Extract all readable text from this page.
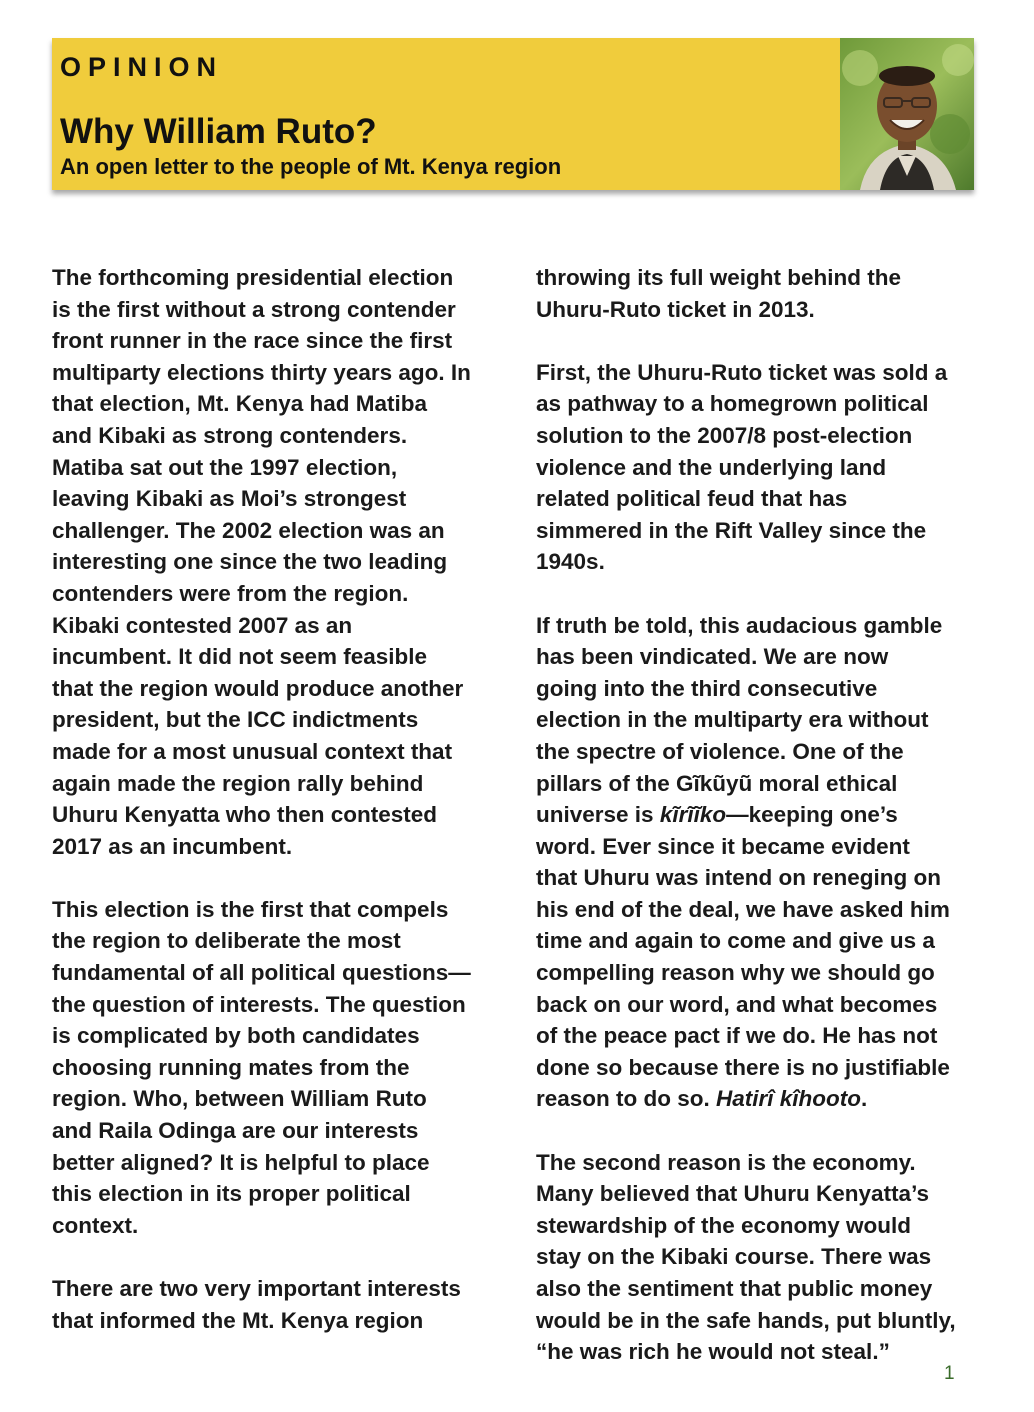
OPINION
Why William Ruto?
An open letter to the people of Mt. Kenya region

The forthcoming presidential election
is the first without a strong contender
front runner in the race since the first
multiparty elections thirty years ago. In
that election, Mt. Kenya had Matiba
and Kibaki as strong contenders.
Matiba sat out the 1997 election,
leaving Kibaki as Moi’s strongest
challenger. The 2002 election was an
interesting one since the two leading
contenders were from the region.
Kibaki contested 2007 as an
incumbent. It did not seem feasible
that the region would produce another
president, but the ICC indictments
made for a most unusual context that
again made the region rally behind
Uhuru Kenyatta who then contested
2017 as an incumbent.

This election is the first that compels
the region to deliberate the most
fundamental of all political questions—
the question of interests. The question
is complicated by both candidates
choosing running mates from the
region. Who, between William Ruto
and Raila Odinga are our interests
better aligned? It is helpful to place
this election in its proper political
context.

There are two very important interests
that informed the Mt. Kenya region

throwing its full weight behind the
Uhuru-Ruto ticket in 2013.

First, the Uhuru-Ruto ticket was sold a
as pathway to a homegrown political
solution to the 2007/8 post-election
violence and the underlying land
related political feud that has
simmered in the Rift Valley since the
1940s.

If truth be told, this audacious gamble
has been vindicated. We are now
going into the third consecutive
election in the multiparty era without
the spectre of violence. One of the
pillars of the Gĩkũyũ moral ethical
universe is kĩrĩĩko—keeping one’s
word. Ever since it became evident
that Uhuru was intend on reneging on
his end of the deal, we have asked him
time and again to come and give us a
compelling reason why we should go
back on our word, and what becomes
of the peace pact if we do. He has not
done so because there is no justifiable
reason to do so. Hatirî kîhooto.

The second reason is the economy.
Many believed that Uhuru Kenyatta’s
stewardship of the economy would
stay on the Kibaki course. There was
also the sentiment that public money
would be in the safe hands, put bluntly,
“he was rich he would not steal.”

1
